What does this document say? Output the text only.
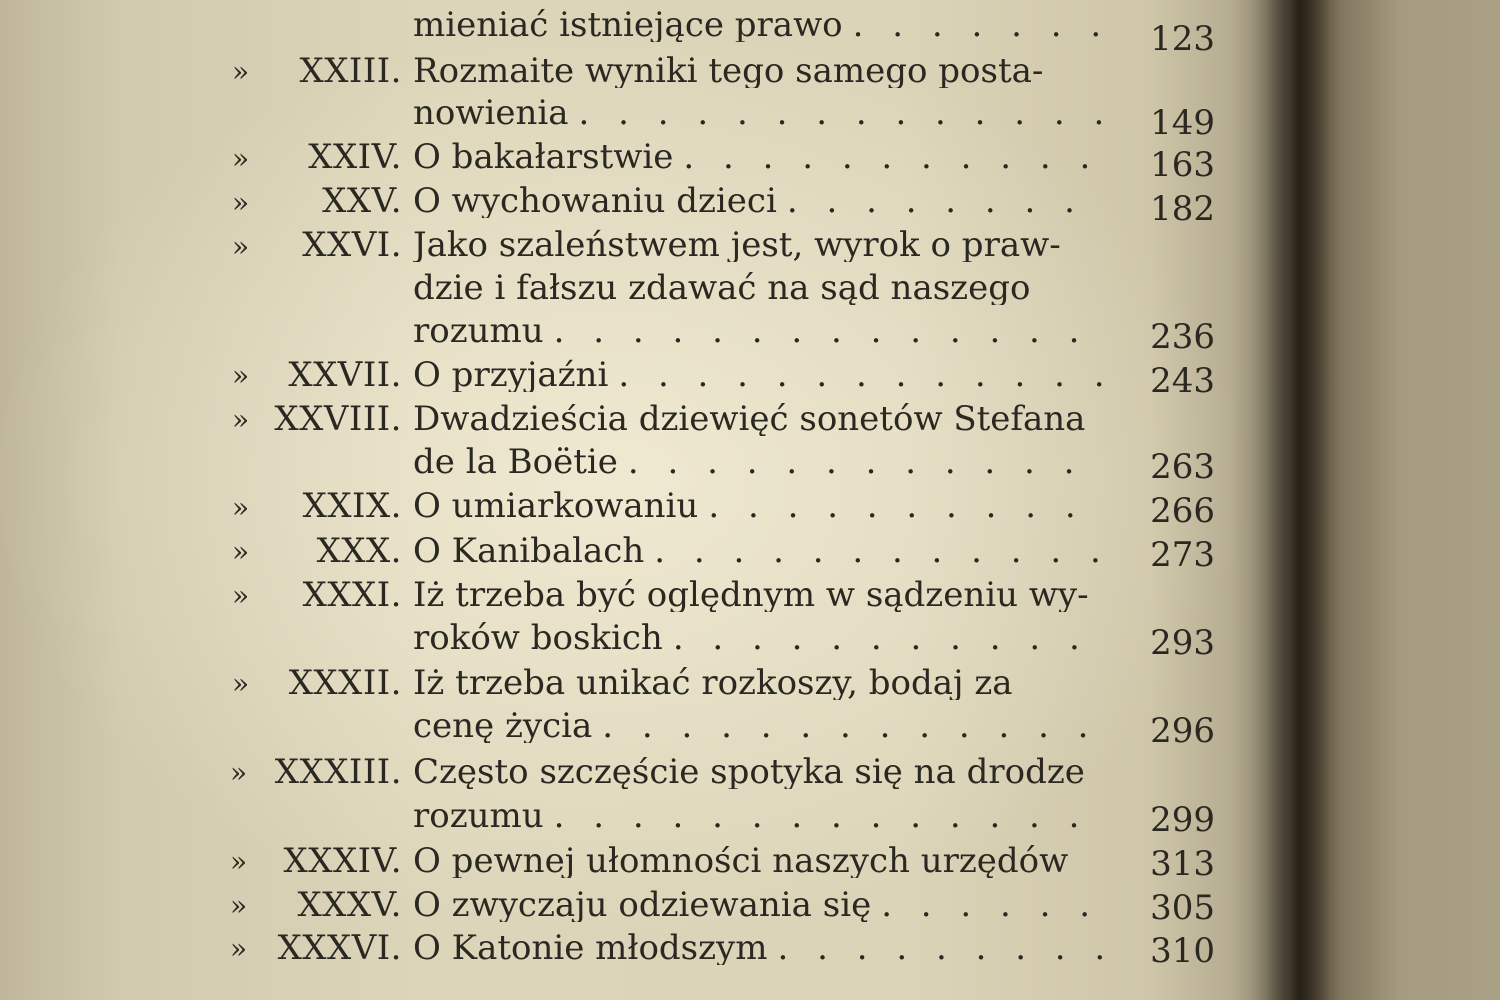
mieniać istniejące prawo . . .	123
»	XXIII. Rozmaite wyniki tego samego posta-
nowienia . . .	149
»	XXIV. O bakałarstwie . . .	163
»	XXV. O wychowaniu dzieci . . .	182
»	XXVI. Jako szaleństwem jest, wyrok o praw-
dzie i fałszu zdawać na sąd naszego
rozumu . . .	236
»	XXVII. O przyjaźni . . .	243
» XXVIII. Dwadzieścia dziewięć sonetów Stefana
de la Boëtie . . .	263
»	XXIX. O umiarkowaniu . . .	266
»	XXX. O Kanibalach . . .	273
»	XXXI. Iż trzeba być oględnym w sądzeniu wy-
roków boskich . . .	293
»	XXXII. Iż trzeba unikać rozkoszy, bodaj za
cenę życia . . .	296
» XXXIII. Często szczęście spotyka się na drodze
rozumu . . .	299
»	XXXIV. O pewnej ułomności naszych urzędów	313
»	XXXV. O zwyczaju odziewania się . . .	305
» XXXVI. O Katonie młodszym . . .	310
